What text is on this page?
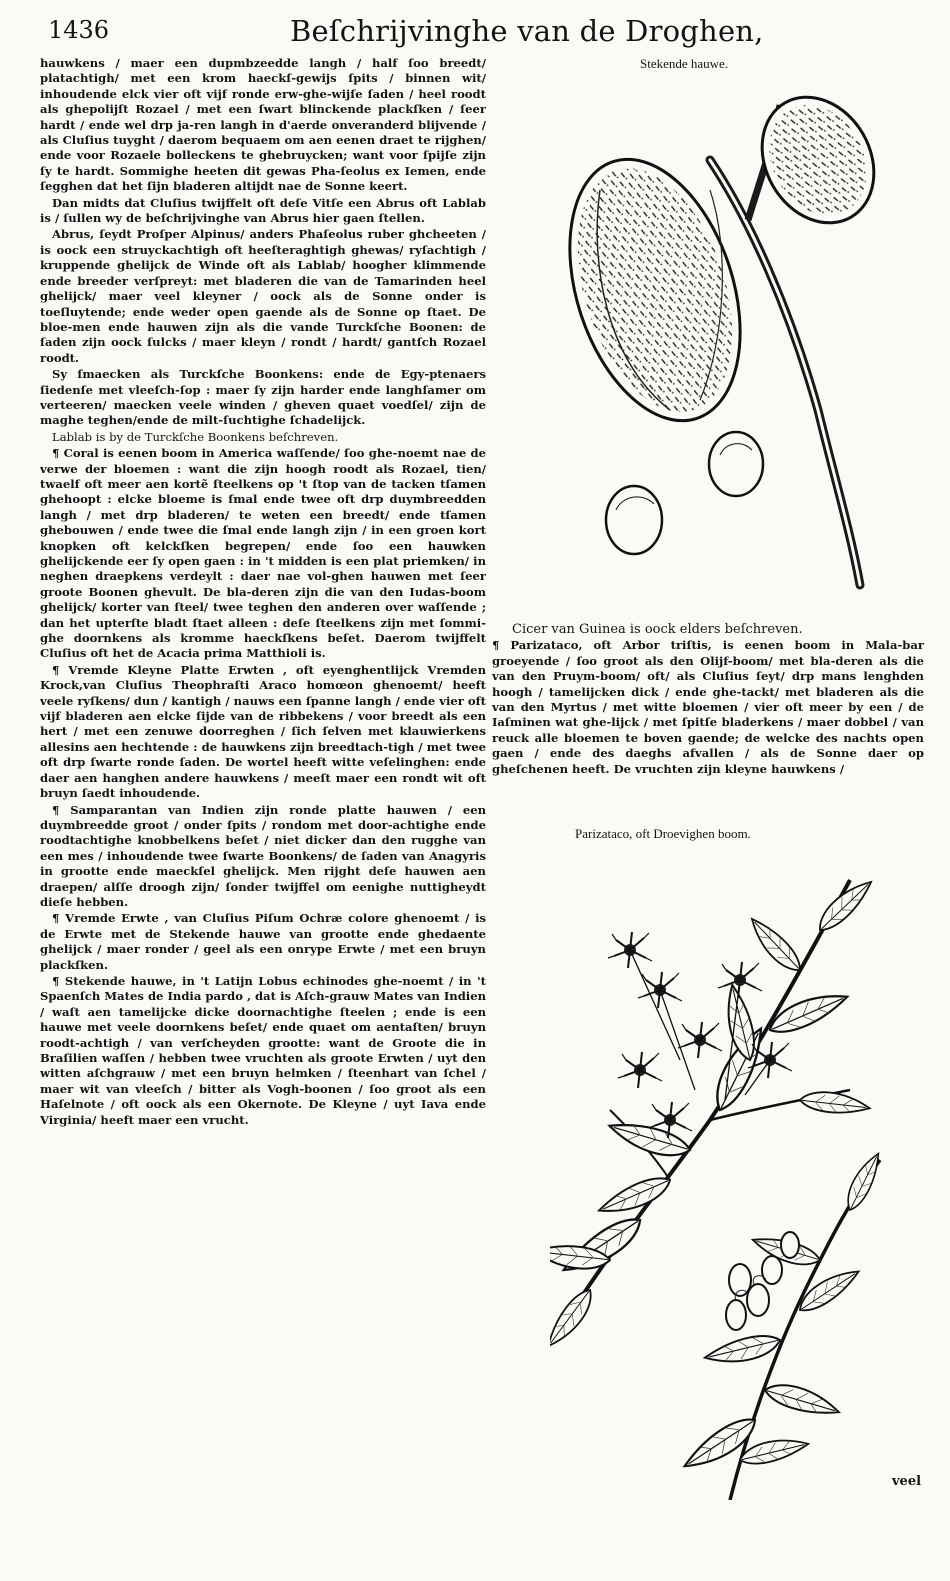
1436	Beſchrijvinghe van de Droghen,

hauwkens / maer een dupmbzeedde langh / half ſoo breedt/ platachtigh/ met een krom haeckſ-gewijs ſpits / binnen wit/ inhoudende elck vier oft vijf ronde erw-ghe-wijſe ſaden / heel roodt als ghepolijſt Rozael / met een ſwart blinckende plackſken / ſeer hardt / ende wel drp ja-ren langh in d'aerde onveranderd blijvende / als Cluſius tuyght / daerom bequaem om aen eenen draet te rijghen/ ende voor Rozaele bolleckens te ghebruycken; want voor ſpijſe zijn ſy te hardt. Sommighe heeten dit gewas Pha-ſeolus ex Iemen, ende ſegghen dat het ſijn bladeren altijdt nae de Sonne keert.

Dan midts dat Cluſius twijffelt oft deſe Vitſe een Abrus oft Lablab is / ſullen wy de beſchrijvinghe van Abrus hier gaen ſtellen.

Abrus, ſeydt Proſper Alpinus/ anders Phaſeolus ruber ghcheeten / is oock een struyckachtigh oft heeſteraghtigh ghewas/ ryſachtigh / kruppende ghelijck de Winde oft als Lablab/ hoogher klimmende ende breeder verſpreyt: met bladeren die van de Tamarinden heel ghelijck/ maer veel kleyner / oock als de Sonne onder is toeſluytende; ende weder open gaende als de Sonne op ſtaet. De bloe-men ende hauwen zijn als die vande Turckſche Boonen: de ſaden zijn oock ſulcks / maer kleyn / rondt / hardt/ gantſch Rozael roodt.

Sy ſmaecken als Turckſche Boonkens: ende de Egy-ptenaers ſiedenſe met vleeſch-ſop : maer ſy zijn harder ende langhſamer om verteeren/ maecken veele winden / gheven quaet voedſel/ zijn de maghe teghen/ende de milt-ſuchtighe ſchadelijck.

Lablab is by de Turckſche Boonkens beſchreven.

¶ Coral is eenen boom in America waſſende/ ſoo ghe-noemt nae de verwe der bloemen : want die zijn hoogh roodt als Rozael, tien/ twaelf oft meer aen kortẽ ſteelkens op 't ſtop van de tacken tſamen ghehoopt : elcke bloeme is ſmal ende twee oft drp duymbreedden langh / met drp bladeren/ te weten een breedt/ ende tſamen ghebouwen / ende twee die ſmal ende langh zijn / in een groen kort knopken oft kelckſken begrepen/ ende ſoo een hauwken ghelijckende eer ſy open gaen : in 't midden is een plat priemken/ in neghen draepkens verdeylt : daer nae vol-ghen hauwen met ſeer groote Boonen ghevult. De bla-deren zijn die van den Iudas-boom ghelijck/ korter van ſteel/ twee teghen den anderen over waſſende ; dan het upterſte bladt ſtaet alleen : deſe ſteelkens zijn met ſommi-ghe doornkens als kromme haeckſkens beſet. Daerom twijffelt Cluſius oft het de Acacia prima Matthioli is.

¶ Vremde Kleyne Platte Erwten , oft eyenghentlijck Vremden Krock,van Cluſius Theophraſti Araco homœon ghenoemt/ heeft veele ryſkens/ dun / kantigh / nauws een ſpanne langh / ende vier oft vijf bladeren aen elcke ſijde van de ribbekens / voor breedt als een hert / met een zenuwe doorreghen / ſich ſelven met klauwierkens allesins aen hechtende : de hauwkens zijn breedtach-tigh / met twee oft drp ſwarte ronde ſaden. De wortel heeft witte veſelinghen: ende daer aen hanghen andere hauwkens / meeſt maer een rondt wit oft bruyn ſaedt inhoudende.

¶ Samparantan van Indien zijn ronde platte hauwen / een duymbreedde groot / onder ſpits / rondom met door-achtighe ende roodtachtighe knobbelkens beſet / niet dicker dan den rugghe van een mes / inhoudende twee ſwarte Boonkens/ de ſaden van Anagyris in grootte ende maeckſel ghelijck. Men rijght deſe hauwen aen draepen/ alſſe droogh zijn/ ſonder twijffel om eenighe nuttigheydt dieſe hebben.

¶ Vremde Erwte , van Cluſius Piſum Ochræ colore ghenoemt / is de Erwte met de Stekende hauwe van grootte ende ghedaente ghelijck / maer ronder / geel als een onrype Erwte / met een bruyn plackſken.

¶ Stekende hauwe, in 't Latijn Lobus echinodes ghe-noemt / in 't Spaenſch Mates de India pardo , dat is Aſch-grauw Mates van Indien / waſt aen tamelijcke dicke doornachtighe ſteelen ; ende is een hauwe met veele doornkens beſet/ ende quaet om aentaſten/ bruyn roodt-achtigh / van verſcheyden grootte: want de Groote die in Braſilien waſſen / hebben twee vruchten als groote Erwten / uyt den witten aſchgrauw / met een bruyn helmken / ſteenhart van ſchel / maer wit van vleeſch / bitter als Vogh-boonen / ſoo groot als een Haſelnote / oft oock als een Okernote. De Kleyne / uyt Iava ende Virginia/ heeft maer een vrucht.

Stekende hauwe.

Cicer van Guinea is oock elders beſchreven.

¶ Parizataco, oft Arbor triſtis, is eenen boom in Mala-bar groeyende / ſoo groot als den Olijf-boom/ met bla-deren als die van den Pruym-boom/ oft/ als Cluſius ſeyt/ drp mans lenghden hoogh / tamelijcken dick / ende ghe-tackt/ met bladeren als die van den Myrtus / met witte bloemen / vier oft meer by een / de Iaſminen wat ghe-lijck / met ſpitſe bladerkens / maer dobbel / van reuck alle bloemen te boven gaende; de welcke des nachts open gaen / ende des daeghs afvallen / als de Sonne daer op gheſchenen heeft. De vruchten zijn kleyne hauwkens /

Parizataco, oft Droevighen boom.
veel
